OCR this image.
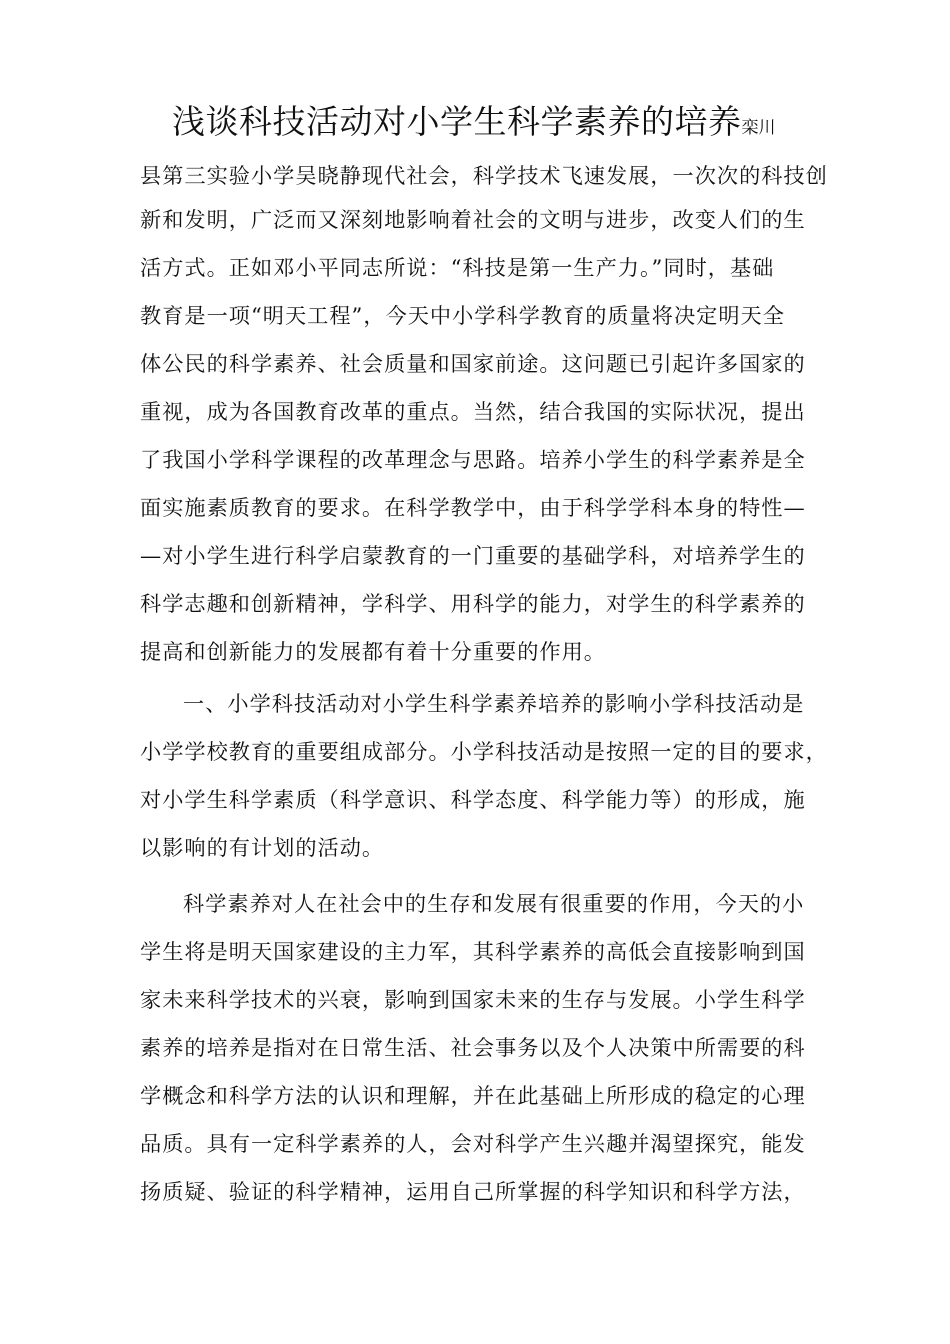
浅谈科技活动对小学生科学素养的培养栾川
县第三实验小学吴晓静现代社会，科学技术飞速发展，一次次的科技创
新和发明，广泛而又深刻地影响着社会的文明与进步，改变人们的生
活方式。正如邓小平同志所说：“科技是第一生产力。”同时，基础
教育是一项“明天工程”，今天中小学科学教育的质量将决定明天全
体公民的科学素养、社会质量和国家前途。这问题已引起许多国家的
重视，成为各国教育改革的重点。当然，结合我国的实际状况，提出
了我国小学科学课程的改革理念与思路。培养小学生的科学素养是全
面实施素质教育的要求。在科学教学中，由于科学学科本身的特性—
—对小学生进行科学启蒙教育的一门重要的基础学科，对培养学生的
科学志趣和创新精神，学科学、用科学的能力，对学生的科学素养的
提高和创新能力的发展都有着十分重要的作用。
一、小学科技活动对小学生科学素养培养的影响小学科技活动是
小学学校教育的重要组成部分。小学科技活动是按照一定的目的要求，
对小学生科学素质（科学意识、科学态度、科学能力等）的形成，施
以影响的有计划的活动。
科学素养对人在社会中的生存和发展有很重要的作用，今天的小
学生将是明天国家建设的主力军，其科学素养的高低会直接影响到国
家未来科学技术的兴衰，影响到国家未来的生存与发展。小学生科学
素养的培养是指对在日常生活、社会事务以及个人决策中所需要的科
学概念和科学方法的认识和理解，并在此基础上所形成的稳定的心理
品质。具有一定科学素养的人，会对科学产生兴趣并渴望探究，能发
扬质疑、验证的科学精神，运用自己所掌握的科学知识和科学方法，
